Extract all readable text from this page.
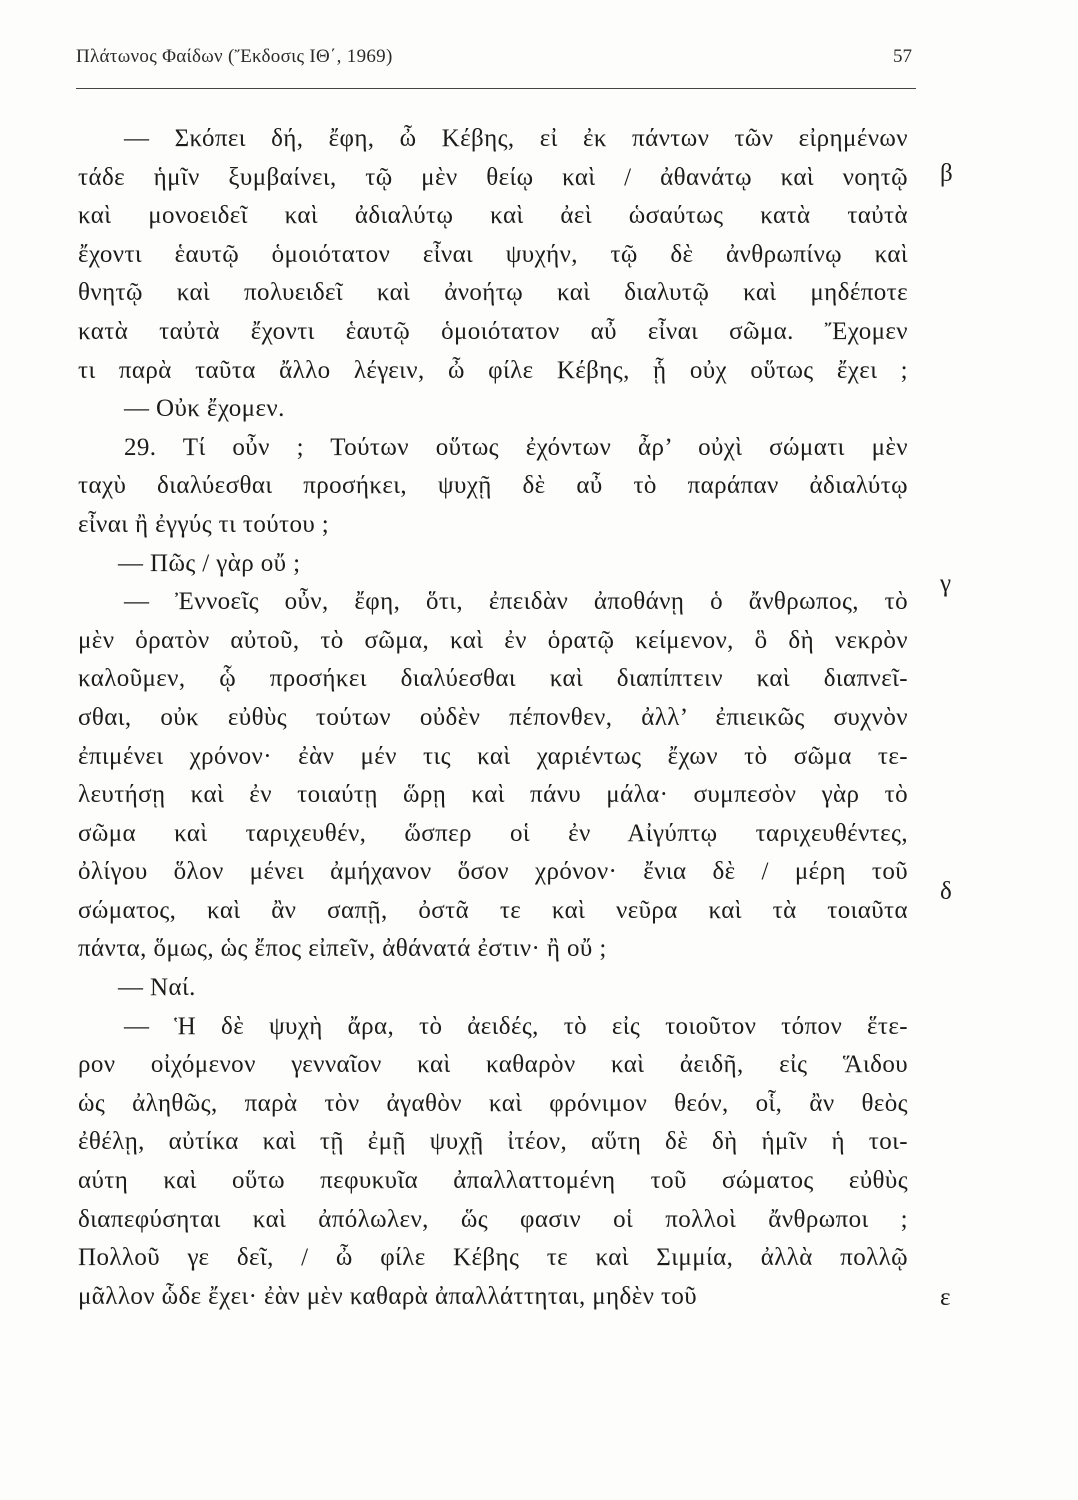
Πλάτωνος Φαίδων (Ἔκδοσις ΙΘ΄, 1969)	57
— Σκόπει δή, ἔφη, ὦ Κέβης, εἰ ἐκ πάντων τῶν εἰρημένων
τάδε ἡμῖν ξυμβαίνει, τῷ μὲν θείῳ καὶ / ἀθανάτῳ καὶ νοητῷ
καὶ μονοειδεῖ καὶ ἀδιαλύτῳ καὶ ἀεὶ ὡσαύτως κατὰ ταὐτὰ
ἔχοντι ἑαυτῷ ὁμοιότατον εἶναι ψυχήν, τῷ δὲ ἀνθρωπίνῳ καὶ
θνητῷ καὶ πολυειδεῖ καὶ ἀνοήτῳ καὶ διαλυτῷ καὶ μηδέποτε
κατὰ ταὐτὰ ἔχοντι ἑαυτῷ ὁμοιότατον αὖ εἶναι σῶμα. Ἔχομεν
τι παρὰ ταῦτα ἄλλο λέγειν, ὦ φίλε Κέβης, ᾗ οὐχ οὕτως ἔχει ;
— Οὐκ ἔχομεν.
29. Τί οὖν ; Τούτων οὕτως ἐχόντων ἆρ’ οὐχὶ σώματι μὲν
ταχὺ διαλύεσθαι προσήκει, ψυχῇ δὲ αὖ τὸ παράπαν ἀδιαλύτῳ
εἶναι ἢ ἐγγύς τι τούτου ;
— Πῶς / γὰρ οὔ ;
— Ἐννοεῖς οὖν, ἔφη, ὅτι, ἐπειδὰν ἀποθάνῃ ὁ ἄνθρωπος, τὸ
μὲν ὁρατὸν αὐτοῦ, τὸ σῶμα, καὶ ἐν ὁρατῷ κείμενον, ὃ δὴ νεκρὸν
καλοῦμεν, ᾧ προσήκει διαλύεσθαι καὶ διαπίπτειν καὶ διαπνεῖ-
σθαι, οὐκ εὐθὺς τούτων οὐδὲν πέπονθεν, ἀλλ’ ἐπιεικῶς συχνὸν
ἐπιμένει χρόνον· ἐὰν μέν τις καὶ χαριέντως ἔχων τὸ σῶμα τε-
λευτήσῃ καὶ ἐν τοιαύτῃ ὥρῃ καὶ πάνυ μάλα· συμπεσὸν γὰρ τὸ
σῶμα καὶ ταριχευθέν, ὥσπερ οἱ ἐν Αἰγύπτῳ ταριχευθέντες,
ὀλίγου ὅλον μένει ἀμήχανον ὅσον χρόνον· ἔνια δὲ / μέρη τοῦ
σώματος, καὶ ἂν σαπῇ, ὀστᾶ τε καὶ νεῦρα καὶ τὰ τοιαῦτα
πάντα, ὅμως, ὡς ἔπος εἰπεῖν, ἀθάνατά ἐστιν· ἢ οὔ ;
— Ναί.
— Ἡ δὲ ψυχὴ ἄρα, τὸ ἀειδές, τὸ εἰς τοιοῦτον τόπον ἕτε-
ρον οἰχόμενον γενναῖον καὶ καθαρὸν καὶ ἀειδῆ, εἰς Ἅιδου
ὡς ἀληθῶς, παρὰ τὸν ἀγαθὸν καὶ φρόνιμον θεόν, οἷ, ἂν θεὸς
ἐθέλῃ, αὐτίκα καὶ τῇ ἐμῇ ψυχῇ ἰτέον, αὕτη δὲ δὴ ἡμῖν ἡ τοι-
αύτη καὶ οὕτω πεφυκυῖα ἀπαλλαττομένη τοῦ σώματος εὐθὺς
διαπεφύσηται καὶ ἀπόλωλεν, ὥς φασιν οἱ πολλοὶ ἄνθρωποι ;
Πολλοῦ γε δεῖ, / ὦ φίλε Κέβης τε καὶ Σιμμία, ἀλλὰ πολλῷ
μᾶλλον ὧδε ἔχει· ἐὰν μὲν καθαρὰ ἀπαλλάττηται, μηδὲν τοῦ
β
γ
δ
ε
